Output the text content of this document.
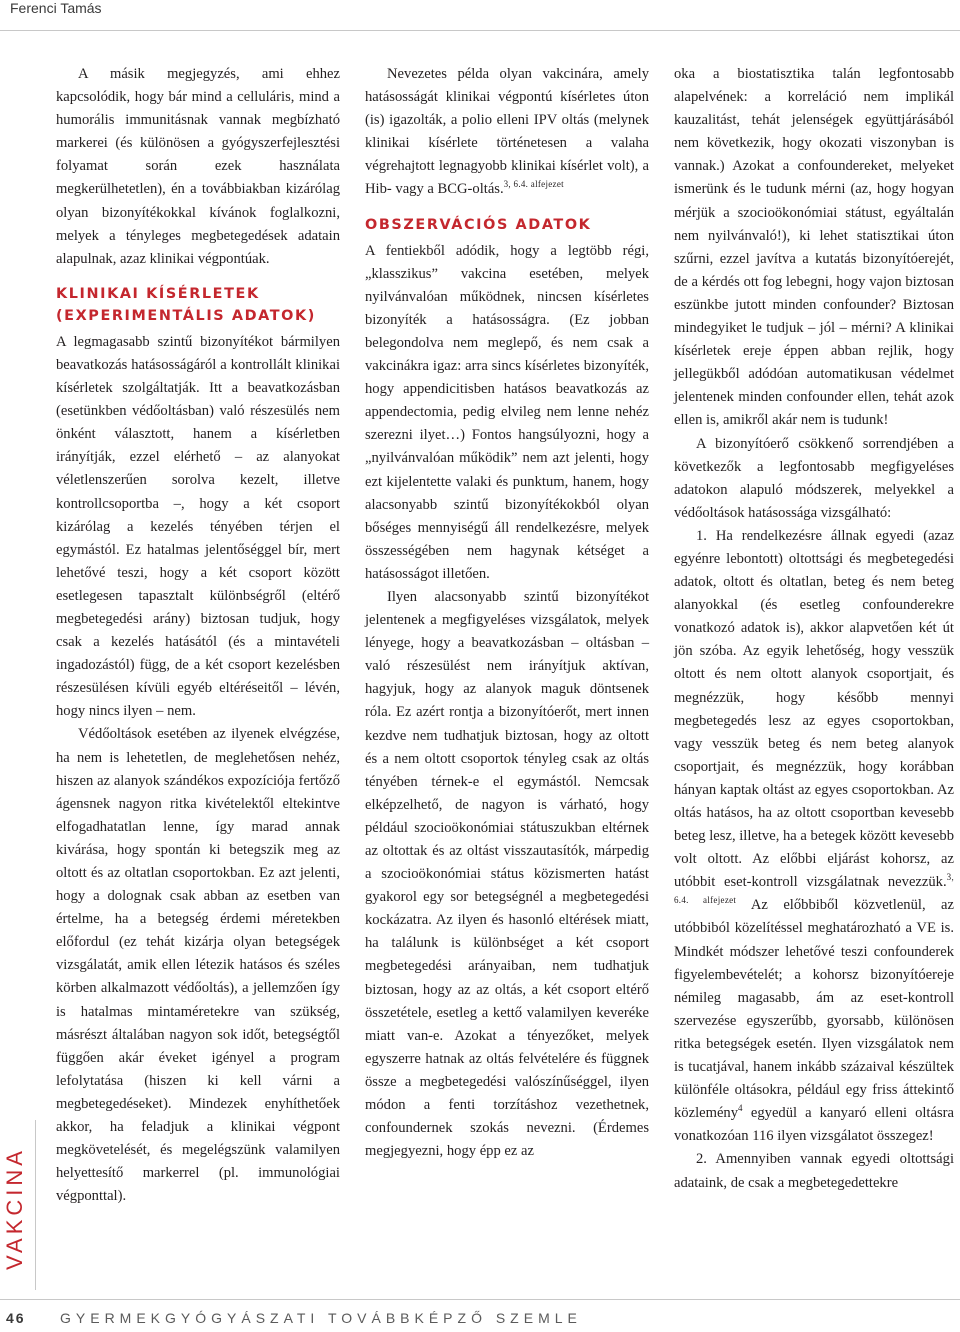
Ferenci Tamás

A másik megjegyzés, ami ehhez kapcsolódik, hogy bár mind a celluláris, mind a humorális immunitásnak vannak megbízható markerei (és különösen a gyógyszerfejlesztési folyamat során ezek használata megkerülhetetlen), én a továbbiakban kizárólag olyan bizonyítékokkal kívánok foglalkozni, melyek a tényleges megbetegedések adatain alapulnak, azaz klinikai végpontúak.

KLINIKAI KÍSÉRLETEK (EXPERIMENTÁLIS ADATOK)

A legmagasabb szintű bizonyítékot bármilyen beavatkozás hatásosságáról a kontrollált klinikai kísérletek szolgáltatják. Itt a beavatkozásban (esetünkben védőoltásban) való részesülés nem önként választott, hanem a kísérletben irányítják, ezzel elérhető – az alanyokat véletlenszerűen sorolva kezelt, illetve kontrollcsoportba –, hogy a két csoport kizárólag a kezelés tényében térjen el egymástól. Ez hatalmas jelentőséggel bír, mert lehetővé teszi, hogy a két csoport között esetlegesen tapasztalt különbségről (eltérő megbetegedési arány) biztosan tudjuk, hogy csak a kezelés hatásától (és a mintavételi ingadozástól) függ, de a két csoport kezelésben részesülésen kívüli egyéb eltéréseitől – lévén, hogy nincs ilyen – nem.

Védőoltások esetében az ilyenek elvégzése, ha nem is lehetetlen, de meglehetősen nehéz, hiszen az alanyok szándékos expozíciója fertőző ágensnek nagyon ritka kivételektől eltekintve elfogadhatatlan lenne, így marad annak kivárása, hogy spontán ki betegszik meg az oltott és az oltatlan csoportokban. Ez azt jelenti, hogy a dolognak csak abban az esetben van értelme, ha a betegség érdemi méretekben előfordul (ez tehát kizárja olyan betegségek vizsgálatát, amik ellen létezik hatásos és széles körben alkalmazott védőoltás), a jellemzően így is hatalmas mintaméretekre van szükség, másrészt általában nagyon sok időt, betegségtől függően akár éveket igényel a program lefolytatása (hiszen ki kell várni a megbetegedéseket). Mindezek enyhíthetőek akkor, ha feladjuk a klinikai végpont megkövetelését, és megelégszünk valamilyen helyettesítő markerrel (pl. immunológiai végponttal).

Nevezetes példa olyan vakcinára, amely hatásosságát klinikai végpontú kísérletes úton (is) igazolták, a polio elleni IPV oltás (melynek klinikai kísérlete történetesen a valaha végrehajtott legnagyobb klinikai kísérlet volt), a Hib- vagy a BCG-oltás.$^{3, 6.4. alfejezet}$

OBSZERVÁCIÓS ADATOK

A fentiekből adódik, hogy a legtöbb régi, „klasszikus” vakcina esetében, melyek nyilvánvalóan működnek, nincsen kísérletes bizonyíték a hatásosságra. (Ez jobban belegondolva nem meglepő, és nem csak a vakcinákra igaz: arra sincs kísérletes bizonyíték, hogy appendicitisben hatásos beavatkozás az appendectomia, pedig elvileg nem lenne nehéz szerezni ilyet…) Fontos hangsúlyozni, hogy a „nyilvánvalóan működik” nem azt jelenti, hogy ezt kijelentette valaki és punktum, hanem, hogy alacsonyabb szintű bizonyítékokból olyan bőséges mennyiségű áll rendelkezésre, melyek összességében nem hagynak kétséget a hatásosságot illetően.

Ilyen alacsonyabb szintű bizonyítékot jelentenek a megfigyeléses vizsgálatok, melyek lényege, hogy a beavatkozásban – oltásban – való részesülést nem irányítjuk aktívan, hagyjuk, hogy az alanyok maguk döntsenek róla. Ez azért rontja a bizonyítóerőt, mert innen kezdve nem tudhatjuk biztosan, hogy az oltott és a nem oltott csoportok tényleg csak az oltás tényében térnek-e el egymástól. Nemcsak elképzelhető, de nagyon is várható, hogy például szocioökonómiai státuszukban eltérnek az oltottak és az oltást visszautasítók, márpedig a szocioökonómiai státus közismerten hatást gyakorol egy sor betegségnél a megbetegedési kockázatra. Az ilyen és hasonló eltérések miatt, ha találunk is különbséget a két csoport megbetegedési arányaiban, nem tudhatjuk biztosan, hogy az az oltás, a két csoport eltérő összetétele, esetleg a kettő valamilyen keveréke miatt van-e. Azokat a tényezőket, melyek egyszerre hatnak az oltás felvételére és függnek össze a megbetegedési valószínűséggel, ilyen módon a fenti torzításhoz vezethetnek, confoundernek szokás nevezni. (Érdemes megjegyezni, hogy épp ez az

oka a biostatisztika talán legfontosabb alapelvének: a korreláció nem implikál kauzalitást, tehát jelenségek együttjárásából nem következik, hogy okozati viszonyban is vannak.) Azokat a confoundereket, melyeket ismerünk és le tudunk mérni (az, hogy hogyan mérjük a szocioökonómiai státust, egyáltalán nem nyilvánvaló!), ki lehet statisztikai úton szűrni, ezzel javítva a kutatás bizonyítóerejét, de a kérdés ott fog lebegni, hogy vajon biztosan eszünkbe jutott minden confounder? Biztosan mindegyiket le tudjuk – jól – mérni? A klinikai kísérletek ereje éppen abban rejlik, hogy jellegükből adódóan automatikusan védelmet jelentenek minden confounder ellen, tehát azok ellen is, amikről akár nem is tudunk!

A bizonyítóerő csökkenő sorrendjében a következők a legfontosabb megfigyeléses adatokon alapuló módszerek, melyekkel a védőoltások hatásossága vizsgálható:

1. Ha rendelkezésre állnak egyedi (azaz egyénre lebontott) oltottsági és megbetegedési adatok, oltott és oltatlan, beteg és nem beteg alanyokkal (és esetleg confounderekre vonatkozó adatok is), akkor alapvetően két út jön szóba. Az egyik lehetőség, hogy vesszük oltott és nem oltott alanyok csoportjait, és megnézzük, hogy később mennyi megbetegedés lesz az egyes csoportokban, vagy vesszük beteg és nem beteg alanyok csoportjait, és megnézzük, hogy korábban hányan kaptak oltást az egyes csoportokban. Az oltás hatásos, ha az oltott csoportban kevesebb beteg lesz, illetve, ha a betegek között kevesebb volt oltott. Az előbbi eljárást kohorsz, az utóbbit eset-kontroll vizsgálatnak nevezzük.$^{3, 6.4. alfejezet}$ Az előbbiből közvetlenül, az utóbbiból közelítéssel meghatározható a VE is. Mindkét módszer lehetővé teszi confounderek figyelembevételét; a kohorsz bizonyítóereje némileg magasabb, ám az eset-kontroll szervezése egyszerűbb, gyorsabb, különösen ritka betegségek esetén. Ilyen vizsgálatok nem is tucatjával, hanem inkább százaival készültek különféle oltásokra, például egy friss áttekintő közlemény$^4$ egyedül a kanyaró elleni oltásra vonatkozóan 116 ilyen vizsgálatot összegez!

2. Amennyiben vannak egyedi oltottsági adataink, de csak a megbetegedettekre

VAKCINA
46 GYERMEKGYÓGYÁSZATI TOVÁBBKÉPZŐ SZEMLE
